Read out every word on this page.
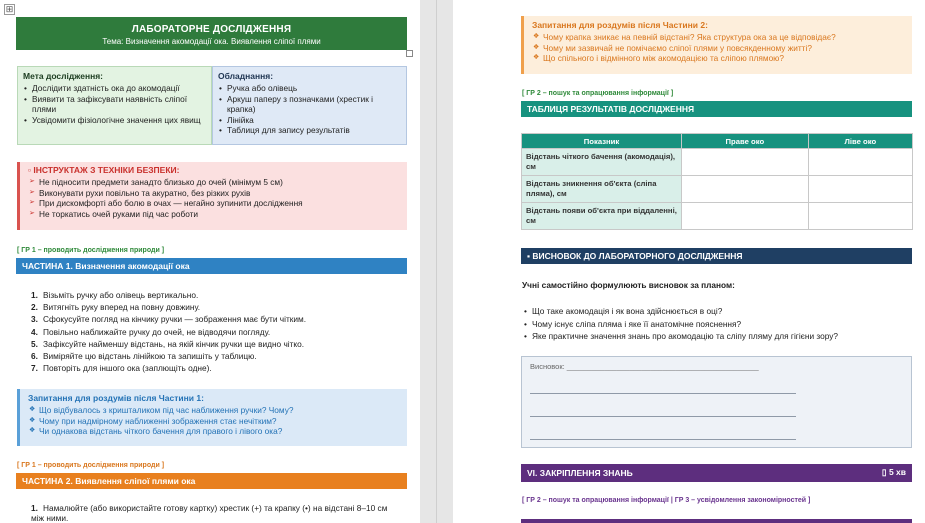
⊞
ЛАБОРАТОРНЕ ДОСЛІДЖЕННЯ
Тема: Визначення акомодації ока. Виявлення сліпої плями
Мета дослідження:
• Дослідити здатність ока до акомодації
• Виявити та зафіксувати наявність сліпої плями
• Усвідомити фізіологічне значення цих явищ
Обладнання:
• Ручка або олівець
• Аркуш паперу з позначками (хрестик і крапка)
• Лінійка
• Таблиця для запису результатів
▫ ІНСТРУКТАЖ З ТЕХНІКИ БЕЗПЕКИ:
➢ Не підносити предмети занадто близько до очей (мінімум 5 см)
➢ Виконувати рухи повільно та акуратно, без різких рухів
➢ При дискомфорті або болю в очах — негайно зупинити дослідження
➢ Не торкатись очей руками під час роботи
[ ГР 1 – проводить дослідження природи ]
ЧАСТИНА 1. Визначення акомодації ока
1. Візьміть ручку або олівець вертикально.
2. Витягніть руку вперед на повну довжину.
3. Сфокусуйте погляд на кінчику ручки — зображення має бути чітким.
4. Повільно наближайте ручку до очей, не відводячи погляду.
5. Зафіксуйте найменшу відстань, на якій кінчик ручки ще видно чітко.
6. Виміряйте цю відстань лінійкою та запишіть у таблицю.
7. Повторіть для іншого ока (заплющіть одне).
Запитання для роздумів після Частини 1:
❖ Що відбувалось з кришталиком під час наближення ручки? Чому?
❖ Чому при надмірному наближенні зображення стає нечітким?
❖ Чи однакова відстань чіткого бачення для правого і лівого ока?
[ ГР 1 – проводить дослідження природи ]
ЧАСТИНА 2. Виявлення сліпої плями ока
1. Намалюйте (або використайте готову картку) хрестик (+) та крапку (•) на відстані 8–10 см між ними.
Запитання для роздумів після Частини 2:
❖ Чому крапка зникає на певній відстані? Яка структура ока за це відповідає?
❖ Чому ми зазвичай не помічаємо сліпої плями у повсякденному житті?
❖ Що спільного і відмінного між акомодацією та сліпою плямою?
[ ГР 2 – пошук та опрацювання інформації ]
ТАБЛИЦЯ РЕЗУЛЬТАТІВ ДОСЛІДЖЕННЯ
Показник	Праве око	Ліве око
Відстань чіткого бачення (акомодація), см		
Відстань зникнення об'єкта (сліпа пляма), см		
Відстань появи об'єкта при віддаленні, см		
▪ ВИСНОВОК ДО ЛАБОРАТОРНОГО ДОСЛІДЖЕННЯ
Учні самостійно формулюють висновок за планом:
• Що таке акомодація і як вона здійснюється в оці?
• Чому існує сліпа пляма і яке її анатомічне пояснення?
• Яке практичне значення знань про акомодацію та сліпу пляму для гігієни зору?
Висновок: ______________________________________________
VI. ЗАКРІПЛЕННЯ ЗНАНЬ	▯ 5 хв
[ ГР 2 – пошук та опрацювання інформації | ГР 3 – усвідомлення закономірностей ]
